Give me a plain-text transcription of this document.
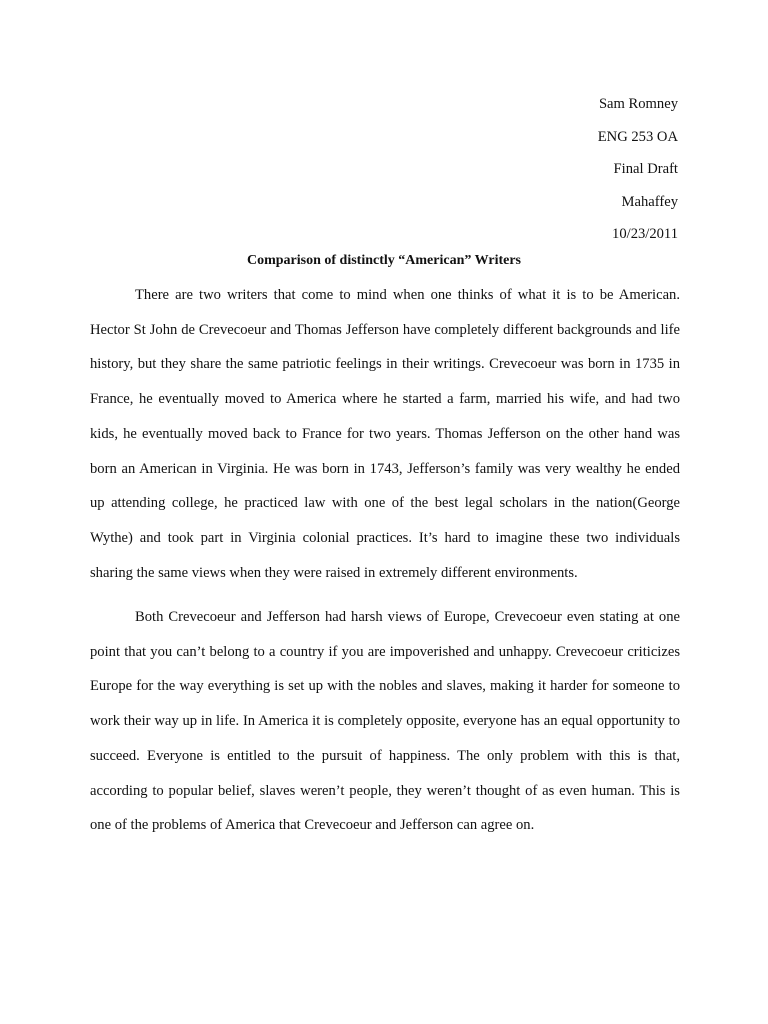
Sam Romney
ENG 253 OA
Final Draft
Mahaffey
10/23/2011
Comparison of distinctly “American” Writers

There are two writers that come to mind when one thinks of what it is to be American. Hector St John de Crevecoeur and Thomas Jefferson have completely different backgrounds and life history, but they share the same patriotic feelings in their writings. Crevecoeur was born in 1735 in France, he eventually moved to America where he started a farm, married his wife, and had two kids, he eventually moved back to France for two years. Thomas Jefferson on the other hand was born an American in Virginia. He was born in 1743, Jefferson’s family was very wealthy he ended up attending college, he practiced law with one of the best legal scholars in the nation(George Wythe) and took part in Virginia colonial practices. It’s hard to imagine these two individuals sharing the same views when they were raised in extremely different environments.

Both Crevecoeur and Jefferson had harsh views of Europe, Crevecoeur even stating at one point that you can’t belong to a country if you are impoverished and unhappy. Crevecoeur criticizes Europe for the way everything is set up with the nobles and slaves, making it harder for someone to work their way up in life. In America it is completely opposite, everyone has an equal opportunity to succeed. Everyone is entitled to the pursuit of happiness. The only problem with this is that, according to popular belief, slaves weren’t people, they weren’t thought of as even human. This is one of the problems of America that Crevecoeur and Jefferson can agree on.
